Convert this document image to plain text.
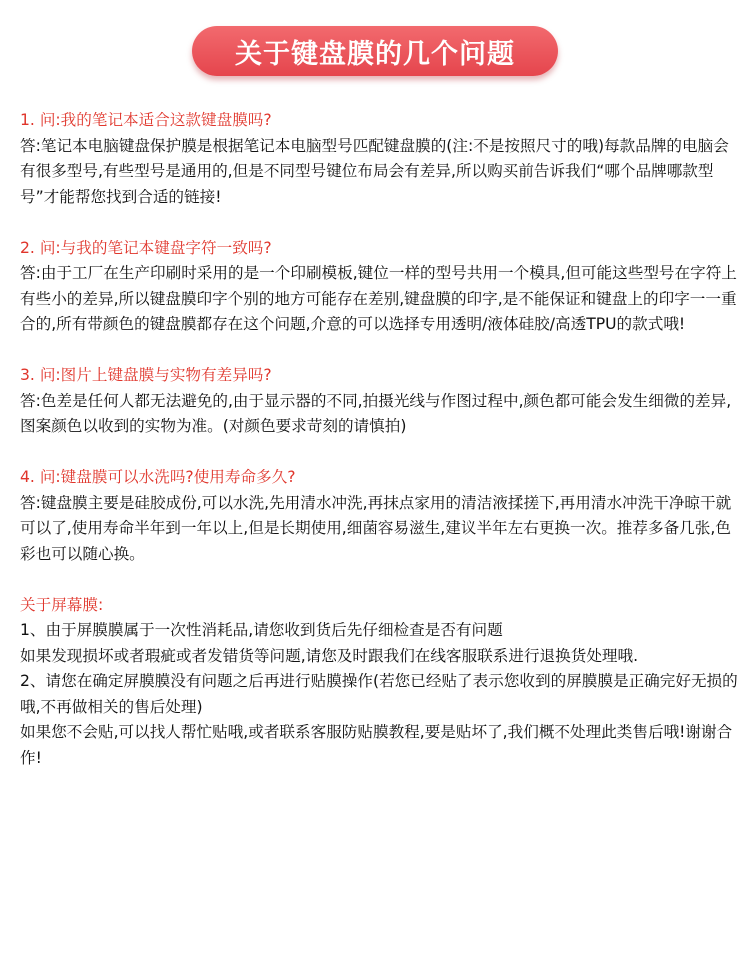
关于键盘膜的几个问题
1. 问:我的笔记本适合这款键盘膜吗?
答:笔记本电脑键盘保护膜是根据笔记本电脑型号匹配键盘膜的(注:不是按照尺寸的哦)每款品牌的电脑会有很多型号,有些型号是通用的,但是不同型号键位布局会有差异,所以购买前告诉我们“哪个品牌哪款型号”才能帮您找到合适的链接!
2. 问:与我的笔记本键盘字符一致吗?
答:由于工厂在生产印刷时采用的是一个印刷模板,键位一样的型号共用一个模具,但可能这些型号在字符上有些小的差异,所以键盘膜印字个别的地方可能存在差别,键盘膜的印字,是不能保证和键盘上的印字一一重合的,所有带颜色的键盘膜都存在这个问题,介意的可以选择专用透明/液体硅胶/高透TPU的款式哦!
3. 问:图片上键盘膜与实物有差异吗?
答:色差是任何人都无法避免的,由于显示器的不同,拍摄光线与作图过程中,颜色都可能会发生细微的差异,图案颜色以收到的实物为准。(对颜色要求苛刻的请慎拍)
4. 问:键盘膜可以水洗吗?使用寿命多久?
答:键盘膜主要是硅胶成份,可以水洗,先用清水冲洗,再抹点家用的清洁液揉搓下,再用清水冲洗干净晾干就可以了,使用寿命半年到一年以上,但是长期使用,细菌容易滋生,建议半年左右更换一次。推荐多备几张,色彩也可以随心换。
关于屏幕膜:
1、由于屏膜膜属于一次性消耗品,请您收到货后先仔细检查是否有问题
如果发现损坏或者瑕疵或者发错货等问题,请您及时跟我们在线客服联系进行退换货处理哦.
2、请您在确定屏膜膜没有问题之后再进行贴膜操作(若您已经贴了表示您收到的屏膜膜是正确完好无损的哦,不再做相关的售后处理)
如果您不会贴,可以找人帮忙贴哦,或者联系客服防贴膜教程,要是贴坏了,我们概不处理此类售后哦!谢谢合作!
